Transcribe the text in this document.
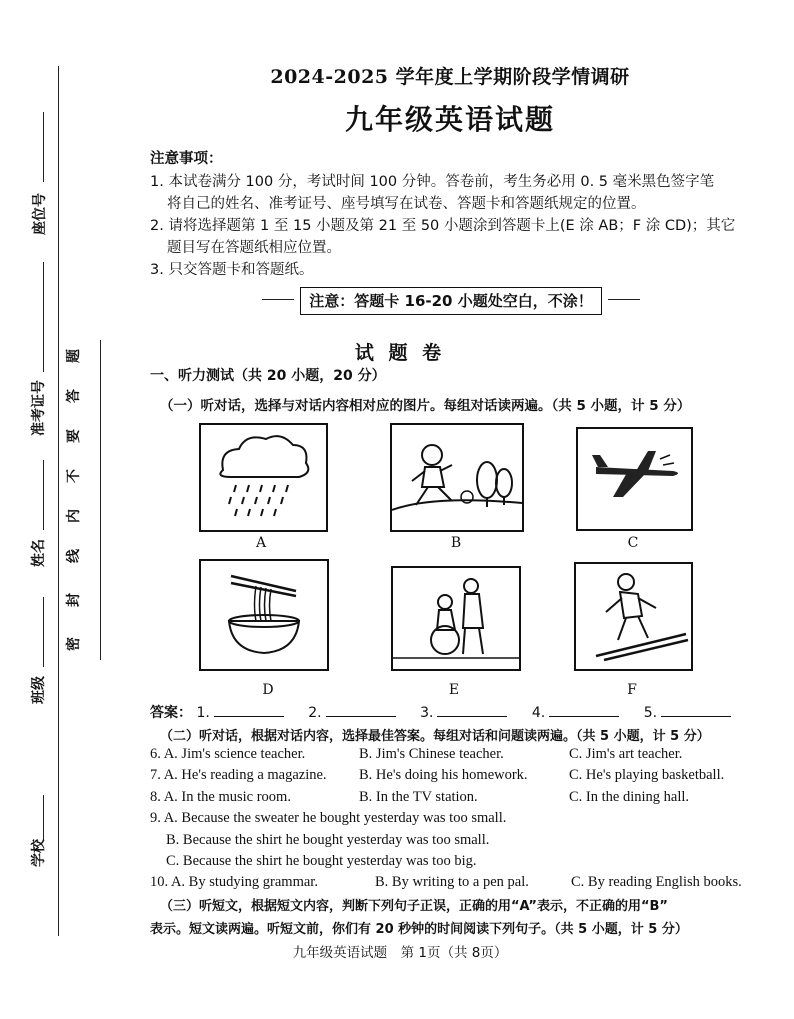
座位号
准考证号
姓名
班级
学校
题
答
要
不
内
线
封
密
2024-2025 学年度上学期阶段学情调研
九年级英语试题
注意事项：
1. 本试卷满分 100 分，考试时间 100 分钟。答卷前，考生务必用 0. 5 毫米黑色签字笔
将自己的姓名、准考证号、座号填写在试卷、答题卡和答题纸规定的位置。
2. 请将选择题第 1 至 15 小题及第 21 至 50 小题涂到答题卡上(E 涂 AB；F 涂 CD)；其它
题目写在答题纸相应位置。
3. 只交答题卡和答题纸。
注意：答题卡 16-20 小题处空白，不涂！
试 题 卷
一、听力测试（共 20 小题，20 分）
（一）听对话，选择与对话内容相对应的图片。每组对话读两遍。（共 5 小题，计 5 分）
A	B	C
D	E	F
答案： 1.	2.	3.	4.	5.
（二）听对话，根据对话内容，选择最佳答案。每组对话和问题读两遍。（共 5 小题，计 5 分）
6. A. Jim's science teacher.	B. Jim's Chinese teacher.	C. Jim's art teacher.
7. A. He's reading a magazine. B. He's doing his homework.	C. He's playing basketball.
8. A. In the music room.	B. In the TV station.	C. In the dining hall.
9. A. Because the sweater he bought yesterday was too small.
B. Because the shirt he bought yesterday was too small.
C. Because the shirt he bought yesterday was too big.
10. A. By studying grammar.	B. By writing to a pen pal.	C. By reading English books.
（三）听短文，根据短文内容，判断下列句子正误，正确的用“A”表示，不正确的用“B”
表示。短文读两遍。听短文前，你们有 20 秒钟的时间阅读下列句子。（共 5 小题，计 5 分）
九年级英语试题　第 1页（共 8页）
